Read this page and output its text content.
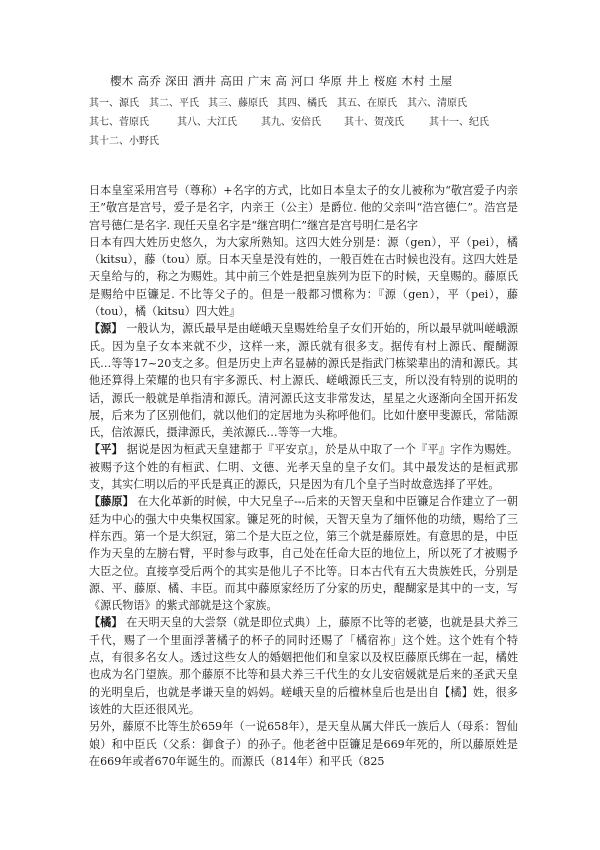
樱木 高乔 深田 酒井 高田 广末 高 河口 华原 井上 桜庭 木村 土屋
其一、源氏 其二、平氏 其三、藤原氏 其四、橘氏 其五、在原氏 其六、清原氏
其七、菅原氏	其八、大江氏 其九、安倍氏 其十、贺茂氏	其十一、纪氏
其十二、小野氏

日本皇室采用宫号（尊称）+名字的方式，比如日本皇太子的女儿被称为“敬宫爱子内亲王”敬宫是宫号，爱子是名字，内亲王（公主）是爵位. 他的父亲叫“浩宫德仁”。浩宫是宫号德仁是名字. 现任天皇名字是“继宫明仁”继宫是宫号明仁是名字

日本有四大姓历史悠久，为大家所熟知。这四大姓分别是：源（gen），平（pei），橘（kitsu），藤（tou）原。日本天皇是没有姓的，一般百姓在古时候也没有。这四大姓是天皇给与的，称之为赐姓。其中前三个姓是把皇族列为臣下的时候，天皇赐的。藤原氏是赐给中臣镰足. 不比等父子的。但是一般都习惯称为：『源（gen），平（pei），藤（tou），橘（kitsu）四大姓』

【源】 一般认为，源氏最早是由嵯峨天皇赐姓给皇子女们开始的，所以最早就叫嵯峨源氏。因为皇子女本来就不少，这样一来，源氏就有很多支。据传有村上源氏、醍醐源氏…等等17~20支之多。但是历史上声名显赫的源氏是指武门栋梁辈出的清和源氏。其他还算得上荣耀的也只有宇多源氏、村上源氏、嵯峨源氏三支，所以没有特别的说明的话，源氏一般就是单指清和源氏。清河源氏这支非常发达，星星之火逐渐向全国开拓发展，后来为了区别他们，就以他们的定居地为头称呼他们。比如什麽甲斐源氏，常陆源氏，信浓源氏，摄津源氏，美浓源氏…等等一大堆。

【平】 据说是因为桓武天皇建都于『平安京』，於是从中取了一个『平』字作为赐姓。被赐予这个姓的有桓武、仁明、文德、光孝天皇的皇子女们。其中最发达的是桓武那支，其实仁明以后的平氏是真正的源氏，只是因为有几个皇子当时故意选择了平姓。

【藤原】 在大化革新的时候，中大兄皇子---后来的天智天皇和中臣镰足合作建立了一朝廷为中心的强大中央集权国家。镰足死的时候，天智天皇为了缅怀他的功绩，赐给了三样东西。第一个是大织冠，第二个是大臣之位，第三个就是藤原姓。有意思的是，中臣作为天皇的左膀右臂，平时参与政事，自己处在任命大臣的地位上，所以死了才被赐予大臣之位。直接享受后两个的其实是他儿子不比等。日本古代有五大贵族姓氏，分别是源、平、藤原、橘、丰臣。而其中藤原家经历了分家的历史，醍醐家是其中的一支，写《源氏物语》的紫式部就是这个家族。

【橘】 在天明天皇的大尝祭（就是即位式典）上，藤原不比等的老婆，也就是县犬养三千代，赐了一个里面浮著橘子的杯子的同时还赐了「橘宿祢」这个姓。这个姓有个特点，有很多名女人。透过这些女人的婚姻把他们和皇家以及权臣藤原氏绑在一起，橘姓也成为名门望族。那个藤原不比等和县犬养三千代生的女儿安宿媛就是后来的圣武天皇的光明皇后，也就是孝谦天皇的妈妈。嵯峨天皇的后檀林皇后也是出自【橘】姓，很多该姓的大臣还很风光。

另外，藤原不比等生於659年（一说658年），是天皇从属大伴氏一族后人（母系：智仙娘）和中臣氏（父系：御食子）的孙子。他老爸中臣镰足是669年死的，所以藤原姓是在669年或者670年诞生的。而源氏（814年）和平氏（825
